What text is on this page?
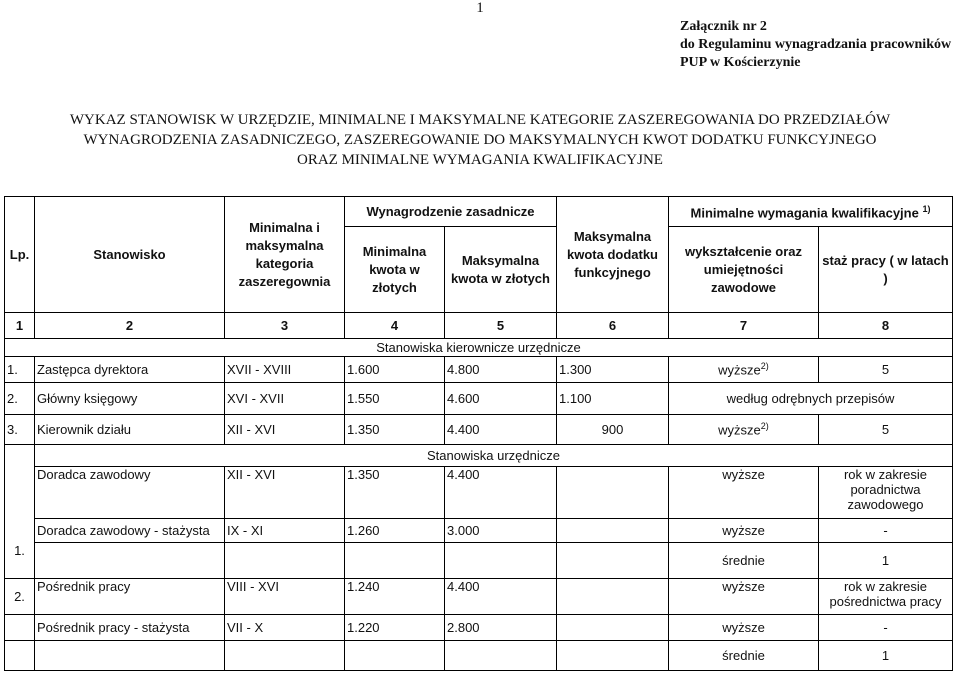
1
Załącznik nr 2
do Regulaminu wynagradzania pracowników
PUP w Kościerzynie
WYKAZ STANOWISK W URZĘDZIE, MINIMALNE I MAKSYMALNE KATEGORIE ZASZEREGOWANIA DO PRZEDZIAŁÓW
WYNAGRODZENIA ZASADNICZEGO, ZASZEREGOWANIE DO MAKSYMALNYCH KWOT DODATKU FUNKCYJNEGO
ORAZ MINIMALNE WYMAGANIA KWALIFIKACYJNE
Lp.	Stanowisko	Minimalna i maksymalna kategoria zaszeregownia	Wynagrodzenie zasadnicze		Maksymalna kwota dodatku funkcyjnego	Minimalne wymagania kwalifikacyjne $^{1)}$
			Minimalna kwota w złotych	Maksymalna kwota w złotych		wykształcenie oraz umiejętności zawodowe	staż pracy ( w latach )
1	2	3	4	5	6	7	8
Stanowiska kierownicze urzędnicze							
1.	Zastępca dyrektora	XVII - XVIII	1.600	4.800	1.300	wyższe$^{2)}$	5
2.	Główny księgowy	XVI - XVII	1.550	4.600	1.100	według odrębnych przepisów	
3.	Kierownik działu	XII - XVI	1.350	4.400	900	wyższe$^{2)}$	5
1.	Stanowiska urzędnicze						
	Doradca zawodowy	XII - XVI	1.350	4.400		wyższe	rok w zakresie poradnictwa zawodowego
	Doradca zawodowy - stażysta	IX - XI	1.260	3.000		wyższe	-
						średnie	1
2.	Pośrednik pracy	VIII - XVI	1.240	4.400		wyższe	rok w zakresie pośrednictwa pracy
	Pośrednik pracy - stażysta	VII - X	1.220	2.800		wyższe	-
						średnie	1
